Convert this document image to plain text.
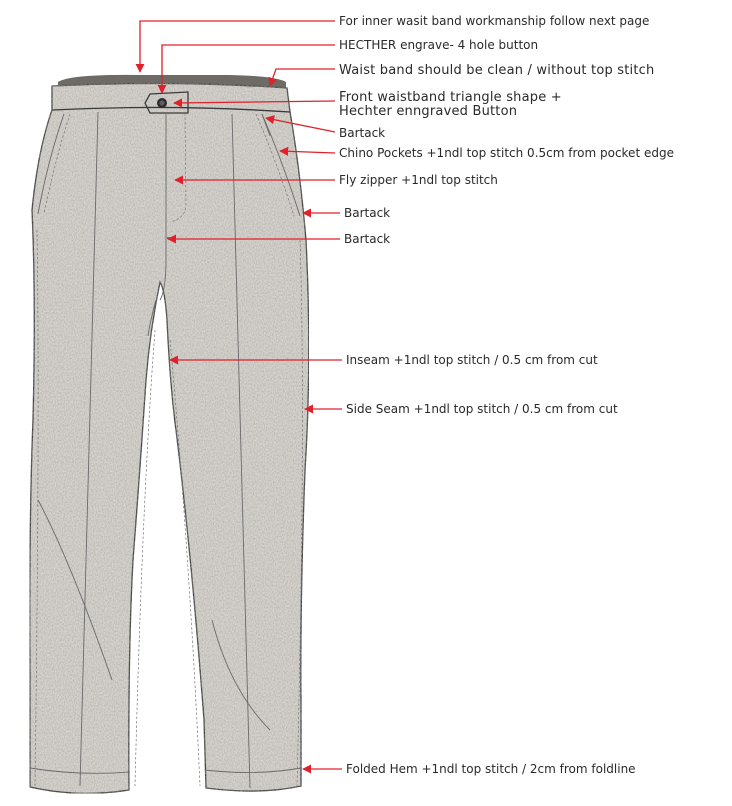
For inner wasit band workmanship follow next page
HECTHER engrave- 4 hole button
Waist band should be clean / without top stitch
Front waistband triangle shape +
Hechter enngraved Button
Bartack
Chino Pockets +1ndl top stitch 0.5cm from pocket edge
Fly zipper +1ndl top stitch
Bartack
Bartack
Inseam +1ndl top stitch / 0.5 cm from cut
Side Seam +1ndl top stitch / 0.5 cm from cut
Folded Hem +1ndl top stitch / 2cm from foldline
